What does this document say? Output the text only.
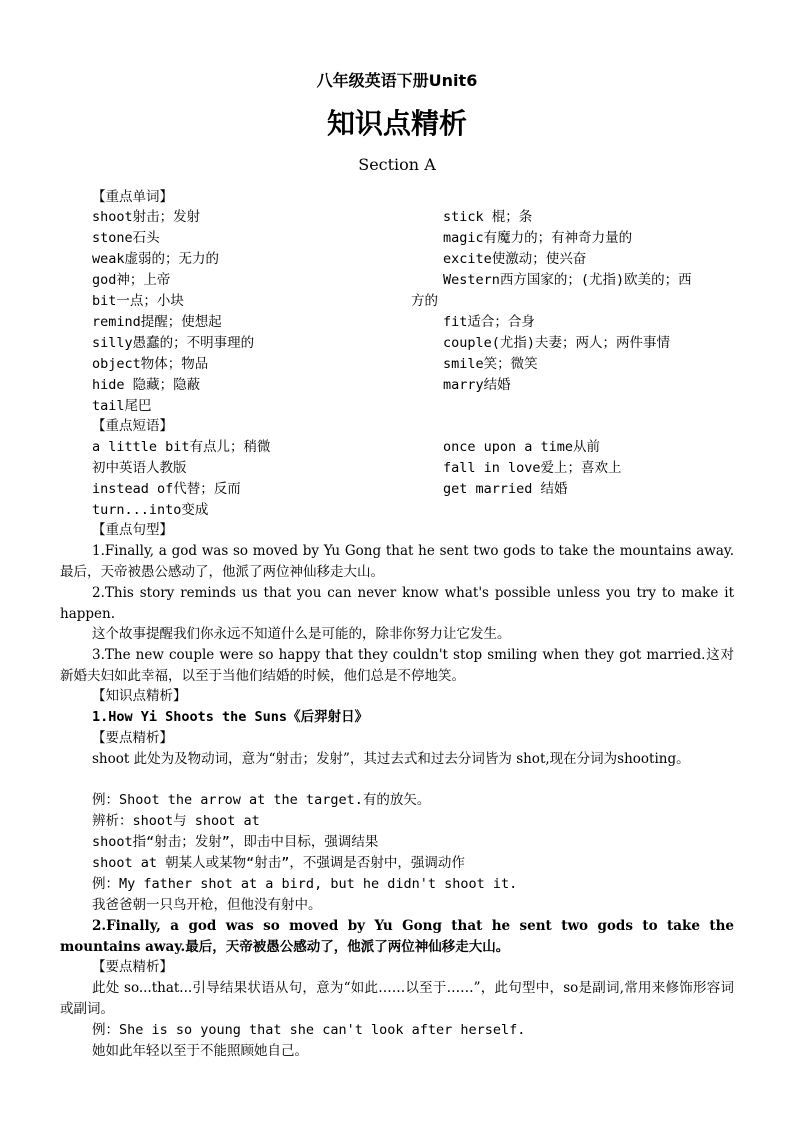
八年级英语下册Unit6
知识点精析
Section A
【重点单词】
shoot射击；发射
stone石头
weak虚弱的；无力的
god神；上帝
bit一点；小块
remind提醒；使想起
silly愚蠢的；不明事理的
object物体；物品
hide 隐藏；隐蔽
tail尾巴
stick 棍；条
magic有魔力的；有神奇力量的
excite使激动；使兴奋
Western西方国家的；(尤指)欧美的；西
方的
fit适合；合身
couple(尤指)夫妻；两人；两件事情
smile笑；微笑
marry结婚
【重点短语】
a little bit有点儿；稍微
初中英语人教版
instead of代替；反而
turn...into变成
once upon a time从前
fall in love爱上；喜欢上
get married 结婚
【重点句型】
1.Finally, a god was so moved by Yu Gong that he sent two gods to take the mountains away.最后，天帝被愚公感动了，他派了两位神仙移走大山。
2.This story reminds us that you can never know what's possible unless you try to make it happen.
这个故事提醒我们你永远不知道什么是可能的，除非你努力让它发生。
3.The new couple were so happy that they couldn't stop smiling when they got married.这对新婚夫妇如此幸福，以至于当他们结婚的时候，他们总是不停地笑。
【知识点精析】
1.How Yi Shoots the Suns《后羿射日》
【要点精析】
shoot 此处为及物动词，意为“射击；发射”，其过去式和过去分词皆为 shot,现在分词为shooting。
例：Shoot the arrow at the target.有的放矢。
辨析：shoot与 shoot at
shoot指“射击；发射”，即击中目标，强调结果
shoot at 朝某人或某物“射击”，不强调是否射中，强调动作
例：My father shot at a bird, but he didn't shoot it.
我爸爸朝一只鸟开枪，但他没有射中。
2.Finally, a god was so moved by Yu Gong that he sent two gods to take the mountains away.最后，天帝被愚公感动了，他派了两位神仙移走大山。
【要点精析】
此处 so...that...引导结果状语从句，意为“如此……以至于……”，此句型中，so是副词,常用来修饰形容词或副词。
例：She is so young that she can't look after herself.
她如此年轻以至于不能照顾她自己。
